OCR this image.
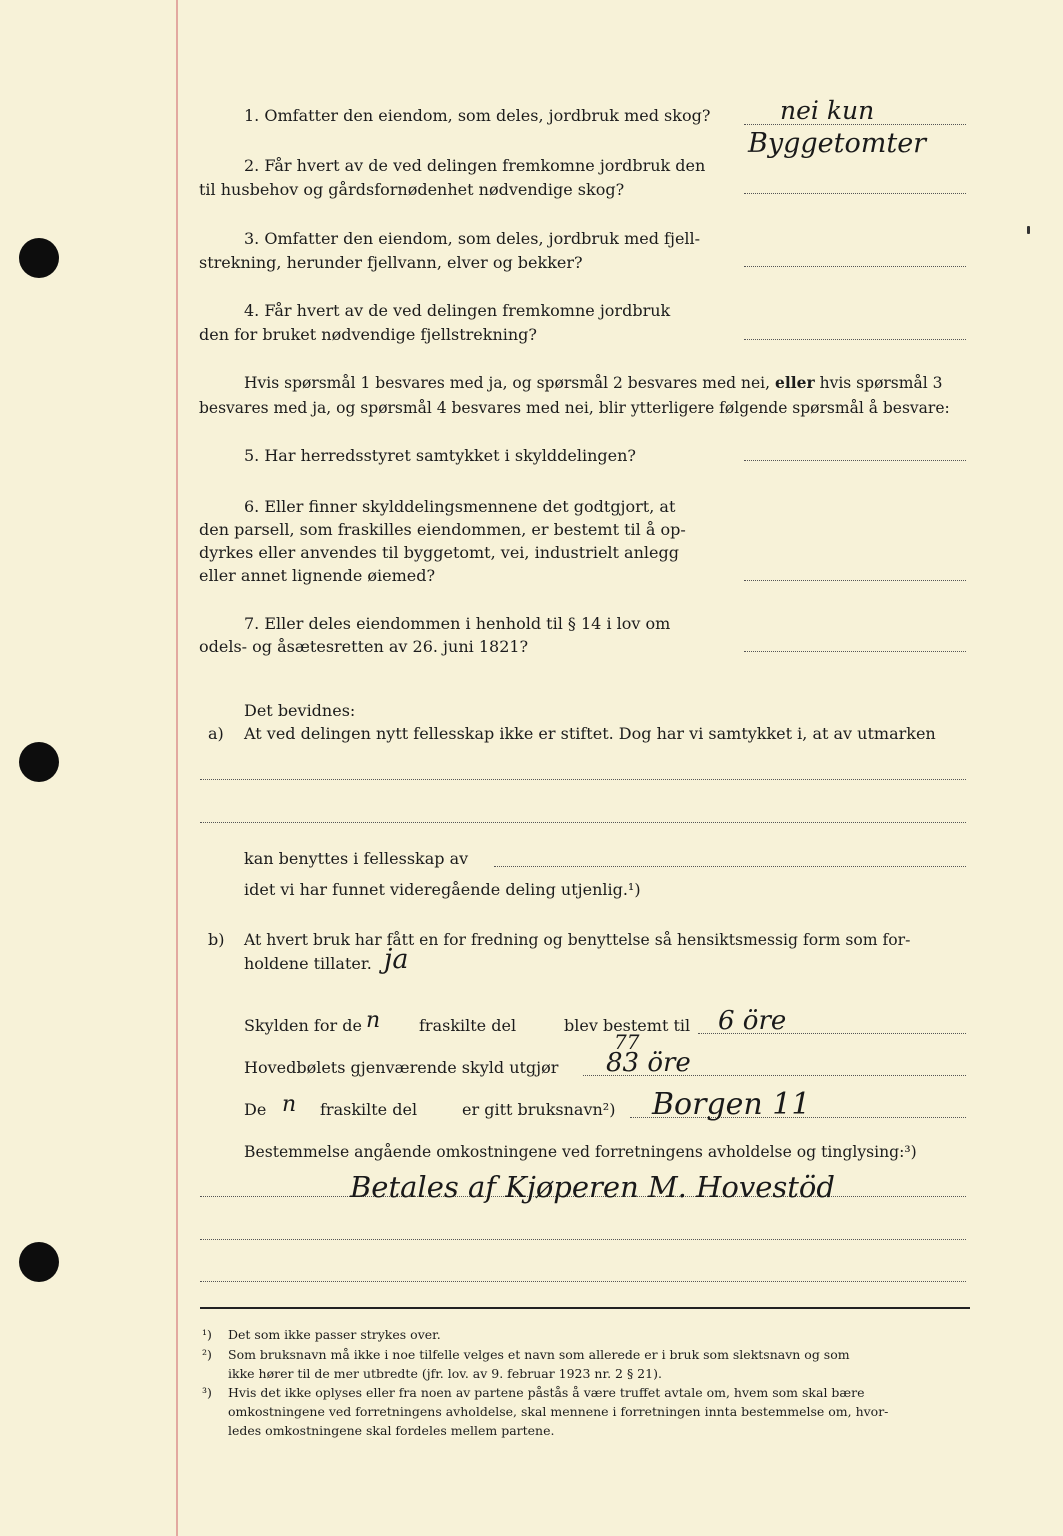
1. Omfatter den eiendom, som deles, jordbruk med skog?	nei kun
Byggetomter
2. Får hvert av de ved delingen fremkomne jordbruk den
til husbehov og gårdsfornødenhet nødvendige skog?
3. Omfatter den eiendom, som deles, jordbruk med fjell-
strekning, herunder fjellvann, elver og bekker?
4. Får hvert av de ved delingen fremkomne jordbruk
den for bruket nødvendige fjellstrekning?
Hvis spørsmål 1 besvares med ja, og spørsmål 2 besvares med nei, eller hvis spørsmål 3
besvares med ja, og spørsmål 4 besvares med nei, blir ytterligere følgende spørsmål å besvare:
5. Har herredsstyret samtykket i skylddelingen?
6. Eller finner skylddelingsmennene det godtgjort, at
den parsell, som fraskilles eiendommen, er bestemt til å op-
dyrkes eller anvendes til byggetomt, vei, industrielt anlegg
eller annet lignende øiemed?
7. Eller deles eiendommen i henhold til § 14 i lov om
odels- og åsætesretten av 26. juni 1821?
Det bevidnes:
a) At ved delingen nytt fellesskap ikke er stiftet. Dog har vi samtykket i, at av utmarken
kan benyttes i fellesskap av
idet vi har funnet videregående deling utjenlig.¹)
b) At hvert bruk har fått en for fredning og benyttelse så hensiktsmessig form som for-
holdene tillater. ja
Skylden for de n fraskilte del	blev bestemt til 6 öre
Hovedbølets gjenværende skyld utgjør
77
83 öre
De n fraskilte del	er gitt bruksnavn²) Borgen 11
Bestemmelse angående omkostningene ved forretningens avholdelse og tinglysing:³)
Betales af Kjøperen M. Hovestöd
¹) Det som ikke passer strykes over.
²) Som bruksnavn må ikke i noe tilfelle velges et navn som allerede er i bruk som slektsnavn og som
ikke hører til de mer utbredte (jfr. lov. av 9. februar 1923 nr. 2 § 21).
³) Hvis det ikke oplyses eller fra noen av partene påstås å være truffet avtale om, hvem som skal bære
omkostningene ved forretningens avholdelse, skal mennene i forretningen innta bestemmelse om, hvor-
ledes omkostningene skal fordeles mellem partene.
